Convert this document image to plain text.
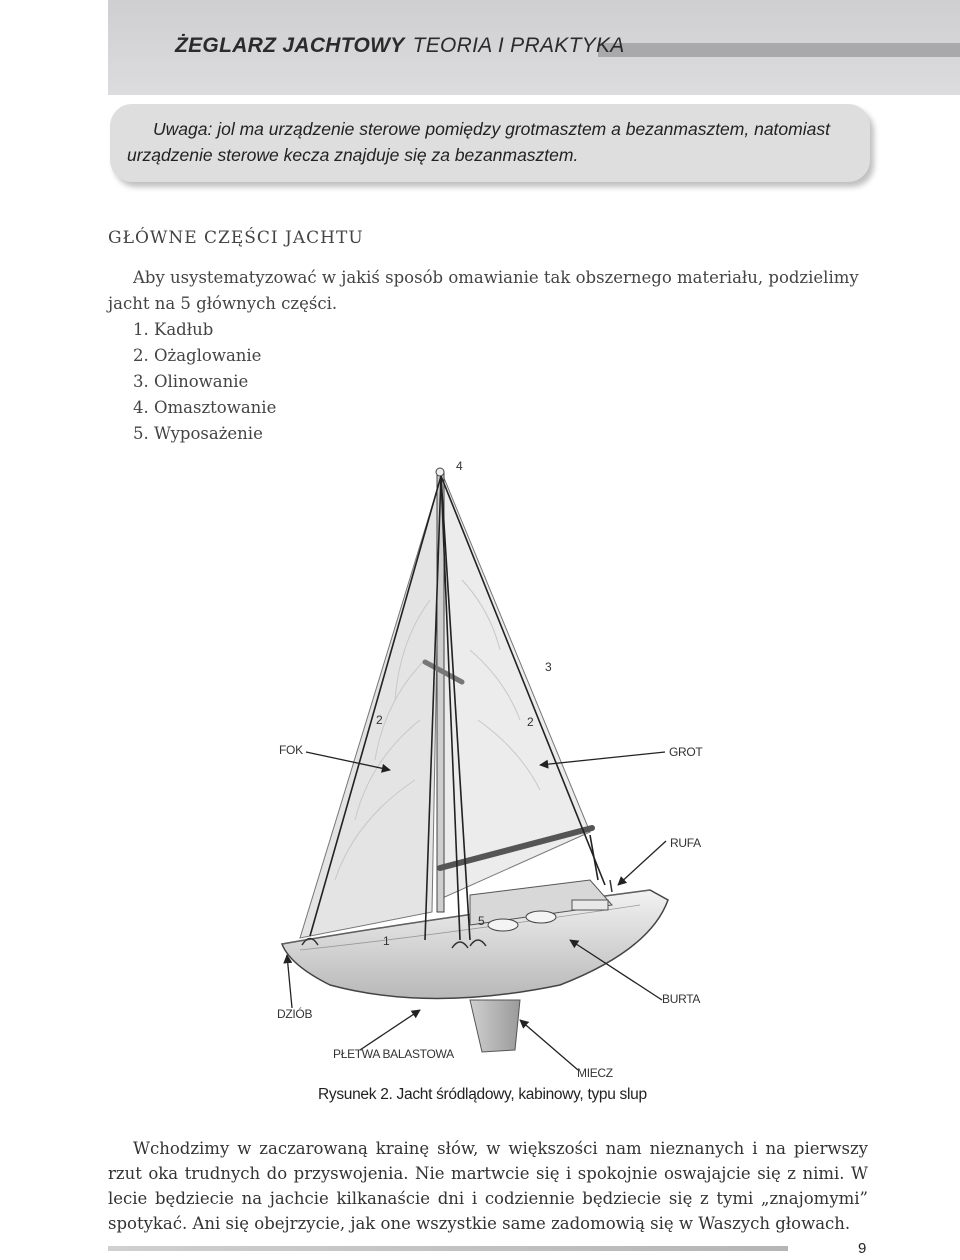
ŻEGLARZ JACHTOWY TEORIA I PRAKTYKA
Uwaga: jol ma urządzenie sterowe pomiędzy grotmasztem a bezanmasztem, natomiast urządzenie sterowe kecza znajduje się za bezanmasztem.
GŁÓWNE CZĘŚCI JACHTU
Aby usystematyzować w jakiś sposób omawianie tak obszernego materiału, podzielimy jacht na 5 głównych części.
1. Kadłub
2. Ożaglowanie
3. Olinowanie
4. Omasztowanie
5. Wyposażenie
4
3
2	2
FOK	GROT
RUFA
5
1
BURTA
DZIÓB
PŁETWA BALASTOWA
MIECZ
Rysunek 2. Jacht śródlądowy, kabinowy, typu slup
Wchodzimy w zaczarowaną krainę słów, w większości nam nieznanych i na pierwszy rzut oka trudnych do przyswojenia. Nie martwcie się i spokojnie oswajajcie się z nimi. W lecie będziecie na jachcie kilkanaście dni i codziennie będziecie się z tymi „znajomymi” spotykać. Ani się obejrzycie, jak one wszystkie same zadomowią się w Waszych głowach.
9
